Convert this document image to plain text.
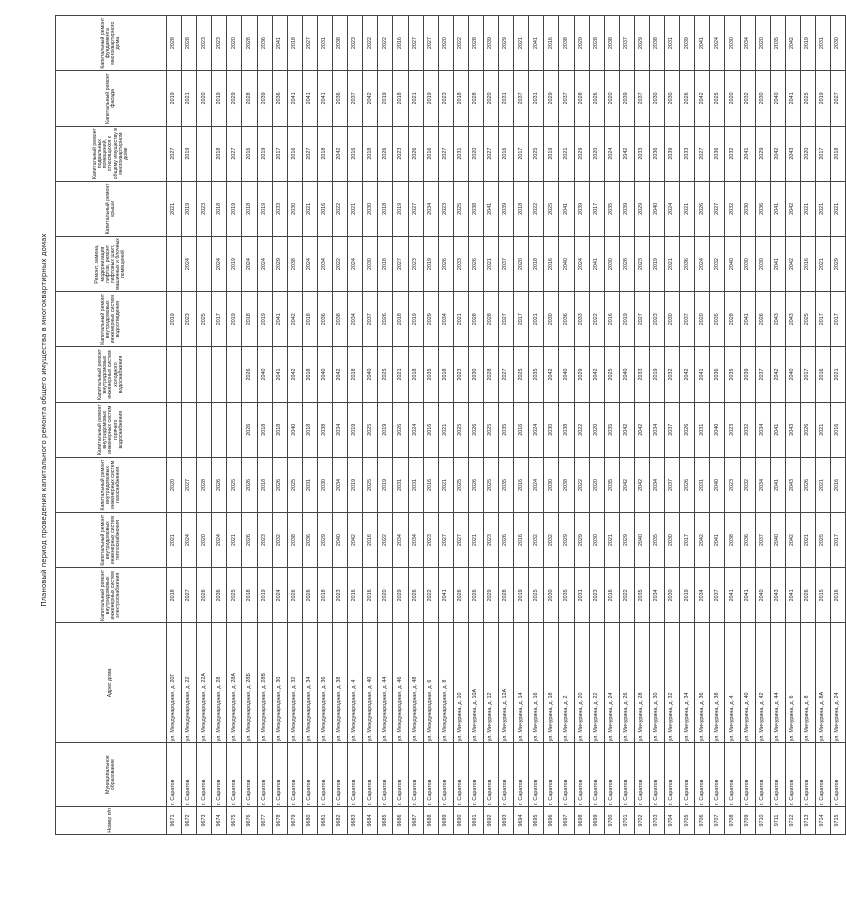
Плановый период проведения капитального ремонта общего имущества в многоквартирных домах
Номер п/п	Муниципальное образование	Адрес дома	Капитальный ремонт внутридомовых инженерных систем электроснабжения	Капитальный ремонт внутридомовых инженерных систем теплоснабжения	Капитальный ремонт внутридомовых инженерных систем газоснабжения	Капитальный ремонт внутридомовых инженерных систем горячего водоснабжения	Капитальный ремонт внутридомовых инженерных систем холодного водоснабжения	Капитальный ремонт внутридомовых инженерных систем водоотведения	Ремонт, замена, модернизация лифтов, ремонт лифтовых шахт, машинных и блочных помещений	Капитальный ремонт крыши	Капитальный ремонт подвальных помещений, относящихся к общему имуществу в многоквартирном доме	Капитальный ремонт фасада	Капитальный ремонт фундамента многоквартирного дома
9671	г. Саратов	ул. Международная, д. 20Г	2018	2021	2020			2019		2021	2027	2019	2028
9672	г. Саратов	ул. Международная, д. 22	2027	2024	2027			2023	2024	2019	2019	2021	2028
9673	г. Саратов	ул. Международная, д. 22А	2026	2020	2028			2025		2023		2020	2023
9674	г. Саратов	ул. Международная, д. 28	2036	2024	2026			2017	2024	2018	2018	2019	2023
9675	г. Саратов	ул. Международная, д. 28А	2025	2021	2025			2019	2019	2019	2027	2029	2020
9676	г. Саратов	ул. Международная, д. 28Б	2018	2026	2026	2026	2026	2018	2024	2018	2016	2028	2028
9677	г. Саратов	ул. Международная, д. 28В	2019	2023	2018	2018	2040	2019	2024	2019	2019	2039	2036
9678	г. Саратов	ул. Международная, д. 30	2024	2032	2026	2018	2041	2041	2029	2033	2017	2036	2041
9679	г. Саратов	ул. Международная, д. 32	2026	2038	2025	2040	2042	2042	2038	2030	2016	2041	2018
9680	г. Саратов	ул. Международная, д. 34	2026	2036	2031	2018	2018	2018	2024	2021	2027	2041	2027
9681	г. Саратов	ул. Международная, д. 36	2018	2029	2030	2038	2040	2036	2034	2016	2018	2041	2031
9682	г. Саратов	ул. Международная, д. 38	2023	2040	2034	2034	2042	2038	2022	2022	2042	2036	2038
9683	г. Саратов	ул. Международная, д. 4	2016	2042	2019	2019	2018	2034	2024	2021	2016	2037	2023
9684	г. Саратов	ул. Международная, д. 40	2016	2016	2025	2025	2040	2037	2030	2030	2018	2042	2022
9685	г. Саратов	ул. Международная, д. 44	2020	2022	2019	2019	2025	2026	2018	2018	2026	2019	2022
9686	г. Саратов	ул. Международная, д. 46	2029	2034	2031	2026	2021	2018	2027	2019	2023	2018	2016
9687	г. Саратов	ул. Международная, д. 48	2026	2034	2031	2024	2018	2019	2023	2027	2026	2021	2027
9688	г. Саратов	ул. Международная, д. 6	2022	2023	2016	2016	2035	2029	2019	2034	2016	2019	2027
9689	г. Саратов	ул. Международная, д. 8	2041	2027	2021	2021	2018	2034	2026	2023	2027	2023	2020
9690	г. Саратов	ул. Мичурина, д. 10	2026	2027	2025	2025	2023	2021	2033	2025	2031	2018	2022
9691	г. Саратов	ул. Мичурина, д. 10А	2026	2021	2026	2026	2030	2028	2026	2038	2020	2028	2028
9692	г. Саратов	ул. Мичурина, д. 12	2029	2023	2025	2025	2028	2028	2021	2041	2027	2020	2039
9693	г. Саратов	ул. Мичурина, д. 12А	2028	2026	2035	2035	2027	2027	2037	2039	2016	2031	2029
9694	г. Саратов	ул. Мичурина, д. 14	2019	2016	2016	2016	2025	2017	2020	2018	2017	2037	2021
9695	г. Саратов	ул. Мичурина, д. 16	2025	2032	2024	2024	2035	2021	2018	2022	2025	2031	2041
9696	г. Саратов	ул. Мичурина, д. 18	2030	2032	2030	2030	2042	2030	2016	2025	2019	2029	2016
9697	г. Саратов	ул. Мичурина, д. 2	2035	2029	2038	2038	2040	2036	2040	2041	2021	2037	2038
9698	г. Саратов	ул. Мичурина, д. 20	2031	2029	2022	2022	2029	2033	2024	2039	2029	2028	2029
9699	г. Саратов	ул. Мичурина, д. 22	2023	2030	2020	2020	2042	2022	2041	2017	2020	2026	2028
9700	г. Саратов	ул. Мичурина, д. 24	2016	2021	2035	2035	2025	2016	2030	2035	2024	2020	2038
9701	г. Саратов	ул. Мичурина, д. 26	2022	2029	2042	2042	2040	2019	2028	2039	2042	2039	2037
9702	г. Саратов	ул. Мичурина, д. 28	2035	2040	2042	2042	2033	2027	2023	2029	2033	2037	2029
9703	г. Саратов	ул. Мичурина, д. 30	2034	2035	2034	2034	2019	2023	2019	2040	2036	2030	2038
9704	г. Саратов	ул. Мичурина, д. 32	2030	2030	2037	2037	2032	2030	2021	2024	2039	2030	2031
9705	г. Саратов	ул. Мичурина, д. 34	2019	2017	2026	2026	2042	2037	2036	2021	2033	2026	2039
9706	г. Саратов	ул. Мичурина, д. 36	2034	2042	2031	2031	2041	2020	2024	2026	2027	2042	2041
9707	г. Саратов	ул. Мичурина, д. 38	2037	2041	2040	2040	2036	2035	2032	2027	2036	2025	2024
9708	г. Саратов	ул. Мичурина, д. 4	2041	2038	2023	2023	2035	2028	2040	2032	2032	2020	2030
9709	г. Саратов	ул. Мичурина, д. 40	2041	2036	2032	2032	2039	2041	2030	2030	2041	2032	2034
9710	г. Саратов	ул. Мичурина, д. 42	2040	2037	2034	2034	2037	2026	2030	2036	2029	2030	2020
9711	г. Саратов	ул. Мичурина, д. 44	2043	2040	2041	2041	2042	2043	2041	2041	2042	2040	2035
9712	г. Саратов	ул. Мичурина, д. 6	2041	2042	2043	2043	2040	2043	2042	2042	2043	2041	2042
9713	г. Саратов	ул. Мичурина, д. 8	2026	2021	2026	2026	2017	2025	2016	2021	2020	2025	2019
9714	г. Саратов	ул. Мичурина, д. 8А	2015	2025	2021	2021	2016	2017	2021	2021	2017	2019	2031
9715	г. Саратов	ул. Мичурина, д. 24	2016	2017	2016	2016	2021	2017	2029	2021	2018	2027	2030
